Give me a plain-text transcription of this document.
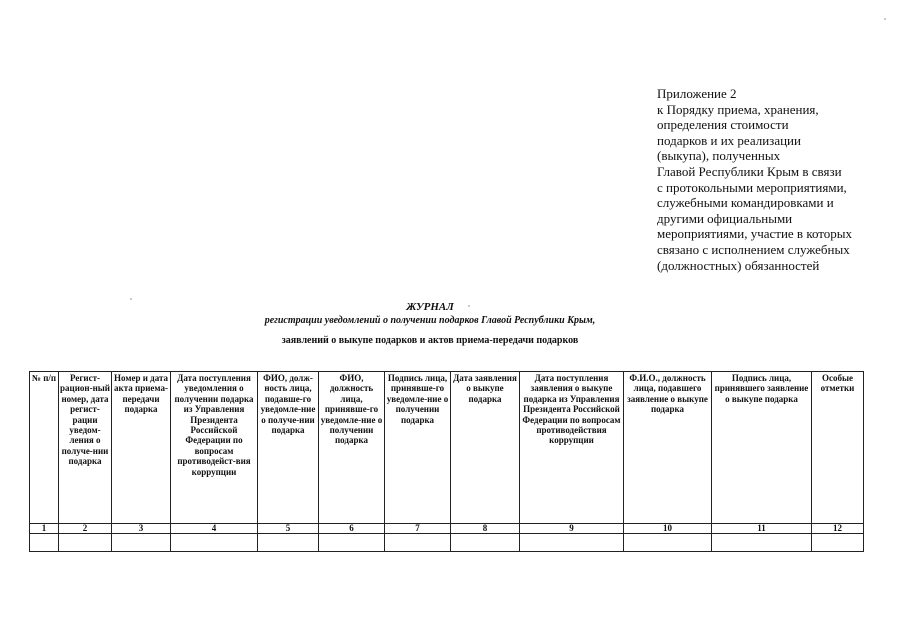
Приложение 2
к Порядку приема, хранения,
определения стоимости
подарков и их реализации
(выкупа), полученных
Главой Республики Крым в связи
с протокольными мероприятиями,
служебными командировками и
другими официальными
мероприятиями, участие в которых
связано с исполнением служебных
(должностных) обязанностей
ЖУРНАЛ
регистрации уведомлений о получении подарков Главой Республики Крым,
заявлений о выкупе подарков и актов приема-передачи подарков
№ п/п	Регист-рацион-ный номер, дата регист-рации уведом-ления о получе-нии подарка	Номер и дата акта приема-передачи подарка	Дата поступления уведомления о получении подарка из Управления Президента Российской Федерации по вопросам противодейст-вия коррупции	ФИО, долж-ность лица, подавше-го уведомле-ние о получе-нии подарка	ФИО, должность лица, принявше-го уведомле-ние о получении подарка	Подпись лица, принявше-го уведомле-ние о получении подарка	Дата заявления о выкупе подарка	Дата поступления заявления о выкупе подарка из Управления Президента Российской Федерации по вопросам противодействия коррупции	Ф.И.О., должность лица, подавшего заявление о выкупе подарка	Подпись лица, принявшего заявление о выкупе подарка	Особые отметки
1	2	3	4	5	6	7	8	9	10	11	12
